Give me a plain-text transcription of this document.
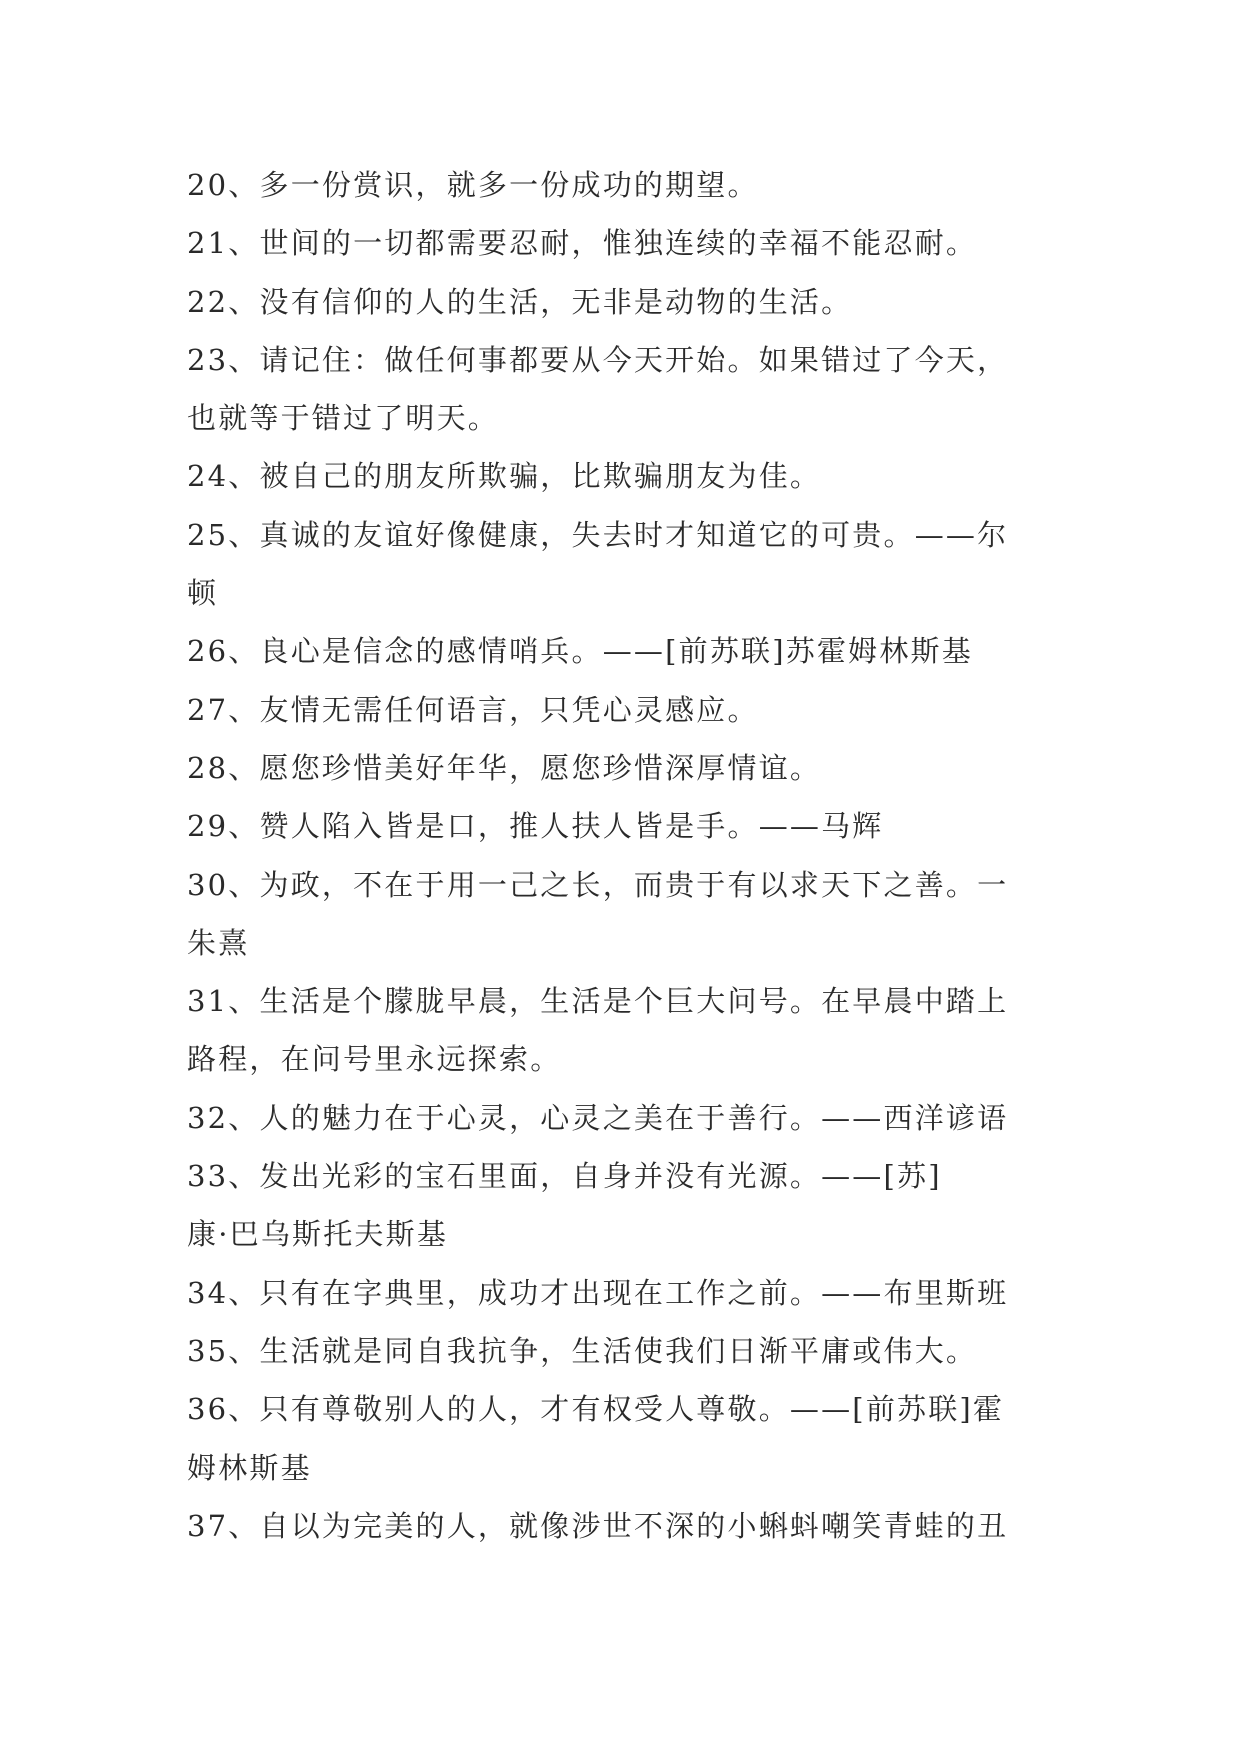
20、多一份赏识，就多一份成功的期望。
21、世间的一切都需要忍耐，惟独连续的幸福不能忍耐。
22、没有信仰的人的生活，无非是动物的生活。
23、请记住：做任何事都要从今天开始。如果错过了今天，
也就等于错过了明天。
24、被自己的朋友所欺骗，比欺骗朋友为佳。
25、真诚的友谊好像健康，失去时才知道它的可贵。——尔
顿
26、良心是信念的感情哨兵。——[前苏联]苏霍姆林斯基
27、友情无需任何语言，只凭心灵感应。
28、愿您珍惜美好年华，愿您珍惜深厚情谊。
29、赞人陷入皆是口，推人扶人皆是手。——马辉
30、为政，不在于用一己之长，而贵于有以求天下之善。一
朱熹
31、生活是个朦胧早晨，生活是个巨大问号。在早晨中踏上
路程，在问号里永远探索。
32、人的魅力在于心灵，心灵之美在于善行。——西洋谚语
33、发出光彩的宝石里面，自身并没有光源。——[苏]
康·巴乌斯托夫斯基
34、只有在字典里，成功才出现在工作之前。——布里斯班
35、生活就是同自我抗争，生活使我们日渐平庸或伟大。
36、只有尊敬别人的人，才有权受人尊敬。——[前苏联]霍
姆林斯基
37、自以为完美的人，就像涉世不深的小蝌蚪嘲笑青蛙的丑
